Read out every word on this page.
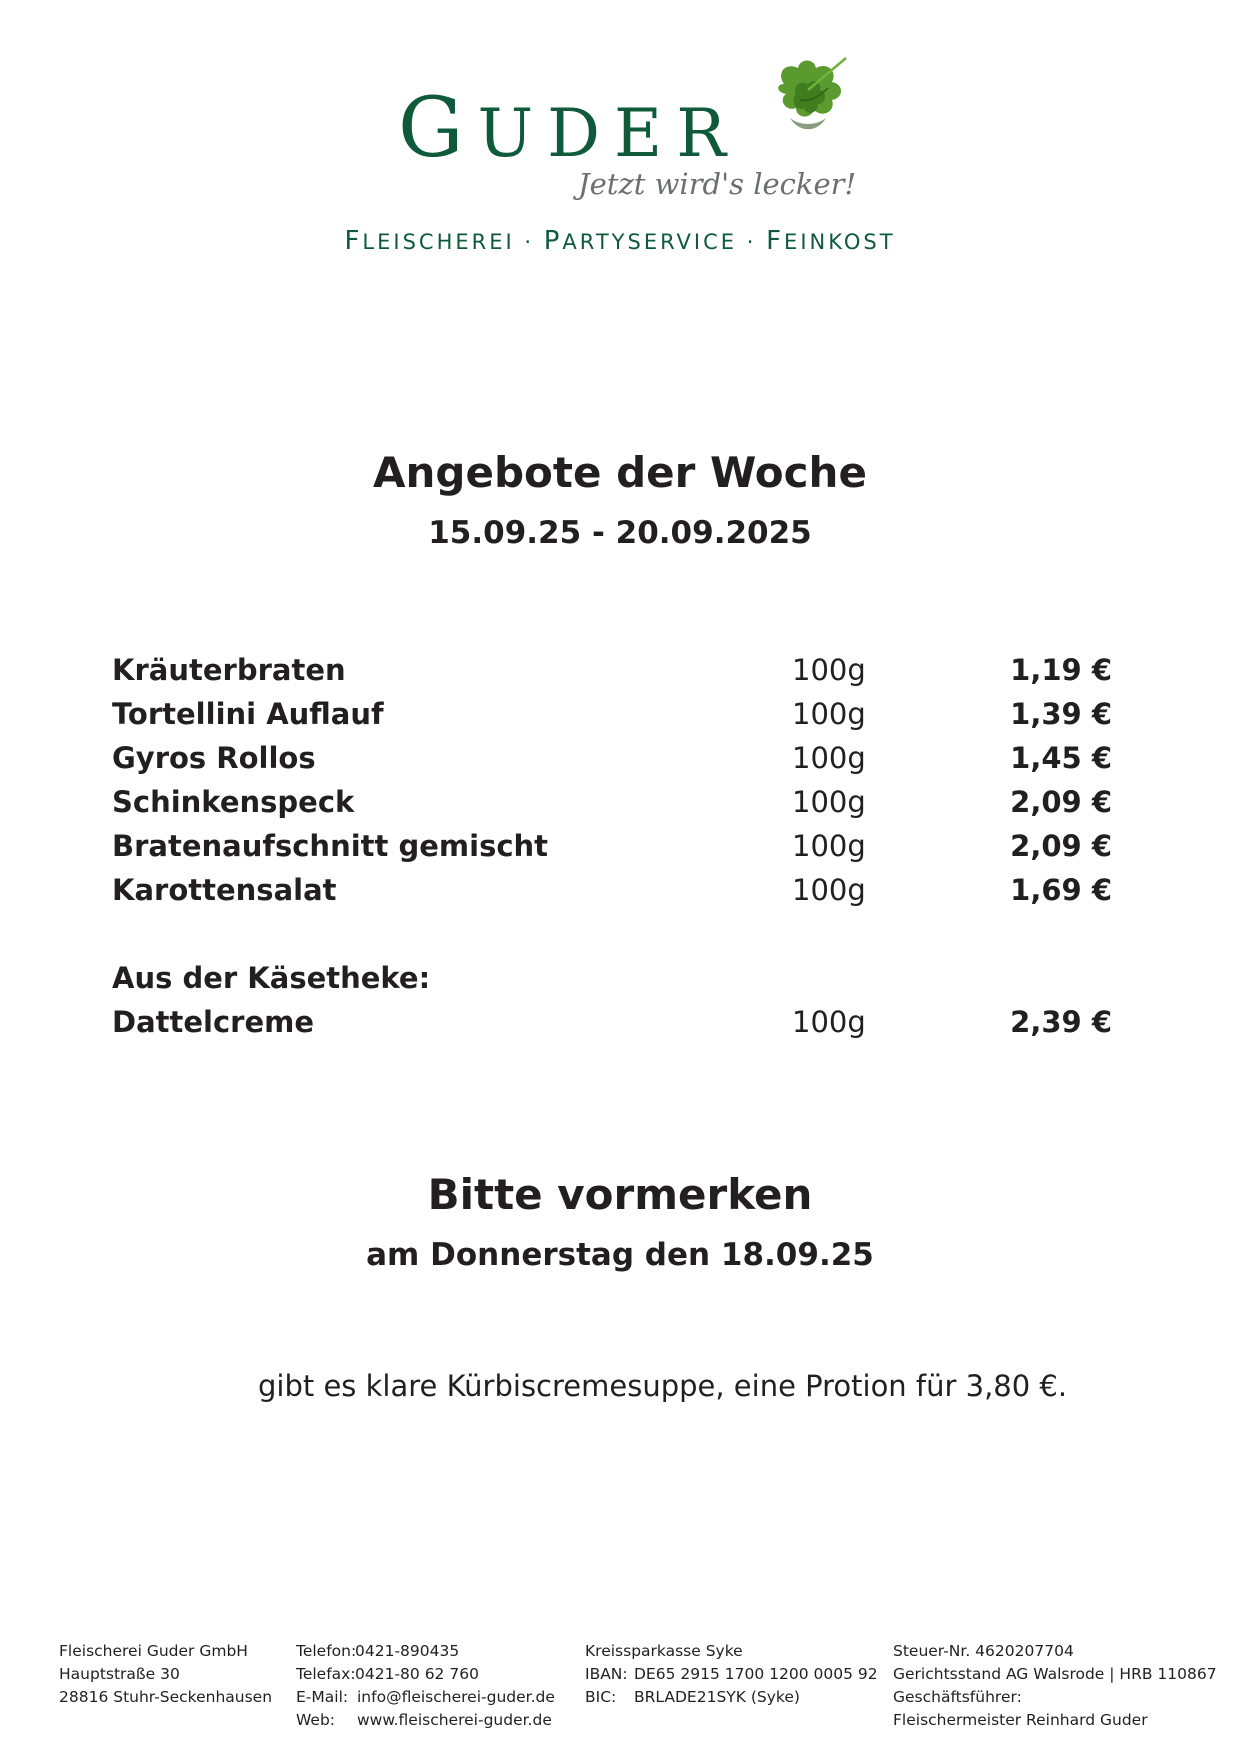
GUDER
Jetzt wird's lecker!
FLEISCHEREI · PARTYSERVICE · FEINKOST
Angebote der Woche
15.09.25 - 20.09.2025
Kräuterbraten	100g	1,19 €
Tortellini Auflauf	100g	1,39 €
Gyros Rollos	100g	1,45 €
Schinkenspeck	100g	2,09 €
Bratenaufschnitt gemischt	100g	2,09 €
Karottensalat	100g	1,69 €
Aus der Käsetheke:
Dattelcreme	100g	2,39 €
Bitte vormerken
am Donnerstag den 18.09.25
gibt es klare Kürbiscremesuppe, eine Protion für 3,80 €.
Fleischerei Guder GmbH
Hauptstraße 30
28816 Stuhr-Seckenhausen
Telefon:0421-890435
Telefax:0421-80 62 760
E-Mail: info@fleischerei-guder.de
Web: www.fleischerei-guder.de
Kreissparkasse Syke
IBAN: DE65 2915 1700 1200 0005 92
BIC: BRLADE21SYK (Syke)
Steuer-Nr. 4620207704
Gerichtsstand AG Walsrode | HRB 110867
Geschäftsführer:
Fleischermeister Reinhard Guder
